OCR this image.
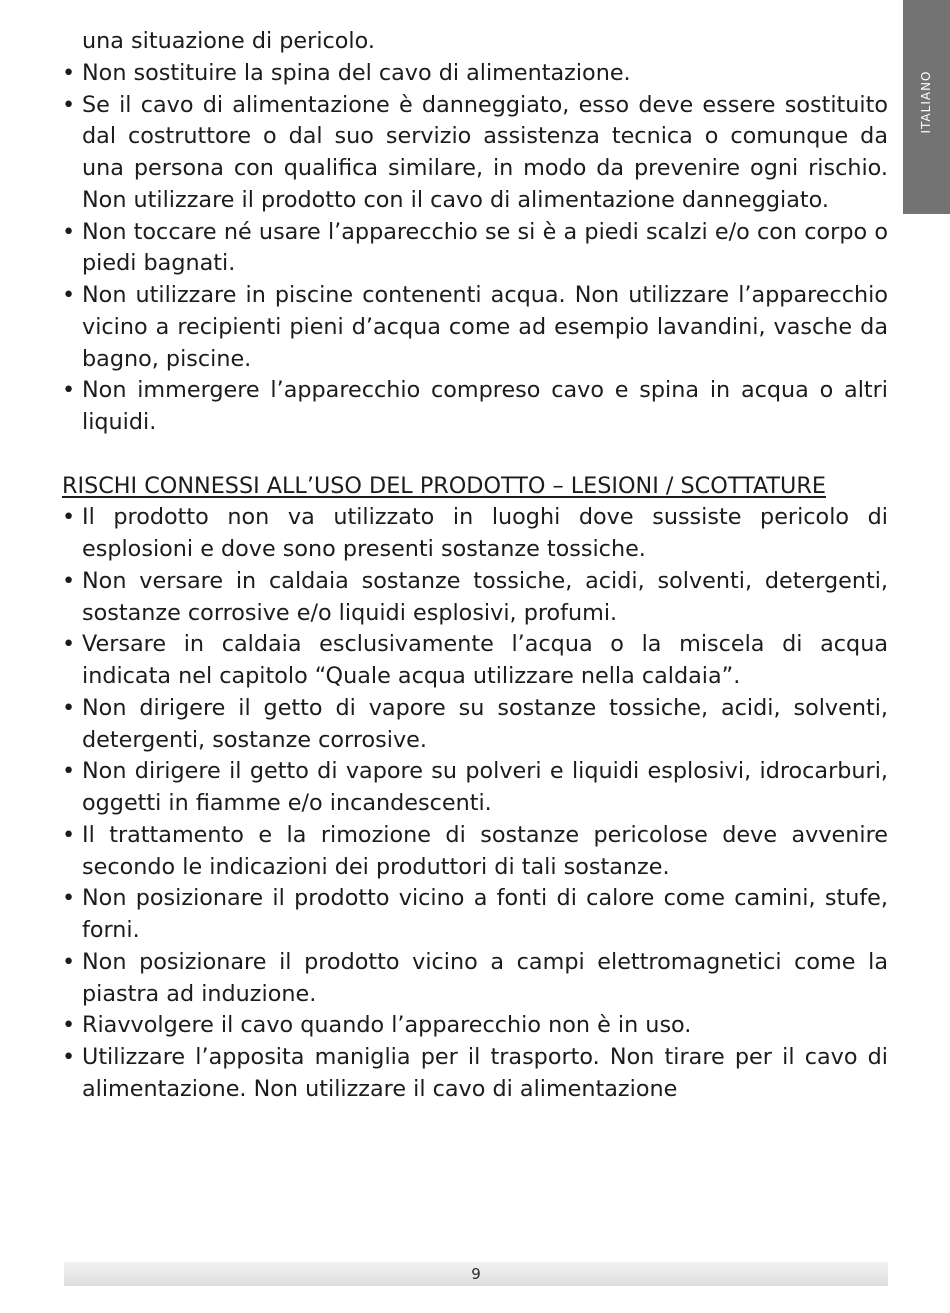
ITALIANO

una situazione di pericolo.

• Non sostituire la spina del cavo di alimentazione.
• Se il cavo di alimentazione è danneggiato, esso deve essere sostituito dal costruttore o dal suo servizio assistenza tecnica o comunque da una persona con qualifica similare, in modo da prevenire ogni rischio. Non utilizzare il prodotto con il cavo di alimentazione danneggiato.
• Non toccare né usare l’apparecchio se si è a piedi scalzi e/o con corpo o piedi bagnati.
• Non utilizzare in piscine contenenti acqua. Non utilizzare l’apparecchio vicino a recipienti pieni d’acqua come ad esempio lavandini, vasche da bagno, piscine.
• Non immergere l’apparecchio compreso cavo e spina in acqua o altri liquidi.

RISCHI CONNESSI ALL’USO DEL PRODOTTO – LESIONI / SCOTTATURE

• Il prodotto non va utilizzato in luoghi dove sussiste pericolo di esplosioni e dove sono presenti sostanze tossiche.
• Non versare in caldaia sostanze tossiche, acidi, solventi, detergenti, sostanze corrosive e/o liquidi esplosivi, profumi.
• Versare in caldaia esclusivamente l’acqua o la miscela di acqua indicata nel capitolo “Quale acqua utilizzare nella caldaia”.
• Non dirigere il getto di vapore su sostanze tossiche, acidi, solventi, detergenti, sostanze corrosive.
• Non dirigere il getto di vapore su polveri e liquidi esplosivi, idrocarburi, oggetti in fiamme e/o incandescenti.
• Il trattamento e la rimozione di sostanze pericolose deve avvenire secondo le indicazioni dei produttori di tali sostanze.
• Non posizionare il prodotto vicino a fonti di calore come camini, stufe, forni.
• Non posizionare il prodotto vicino a campi elettromagnetici come la piastra ad induzione.
• Riavvolgere il cavo quando l’apparecchio non è in uso.
• Utilizzare l’apposita maniglia per il trasporto. Non tirare per il cavo di alimentazione. Non utilizzare il cavo di alimentazione
9
